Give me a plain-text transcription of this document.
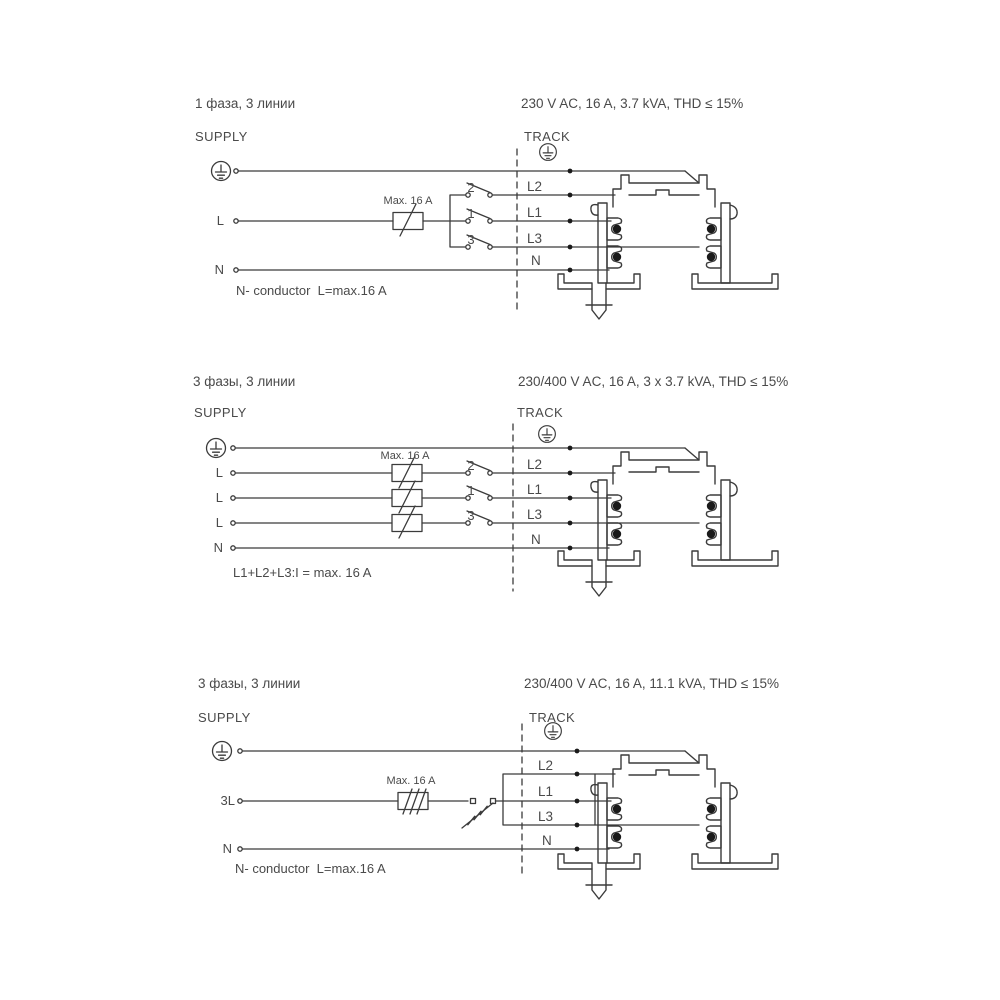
1 фаза, 3 линии	230 V AC, 16 A, 3.7 kVA, THD ≤ 15%
SUPPLY	TRACK
L
N
Max. 16 A
2
1
3
L2
L1
L3
N
N- conductor  L=max.16 A
3 фазы, 3 линии	230/400 V AC, 16 A, 3 x 3.7 kVA, THD ≤ 15%
SUPPLY	TRACK
L
L
L
N
Max. 16 A
2
1
3
L2
L1
L3
N
L1+L2+L3:I = max. 16 A
3 фазы, 3 линии	230/400 V AC, 16 A, 11.1 kVA, THD ≤ 15%
SUPPLY	TRACK
3L
N
Max. 16 A
L2
L1
L3
N
N- conductor  L=max.16 A
